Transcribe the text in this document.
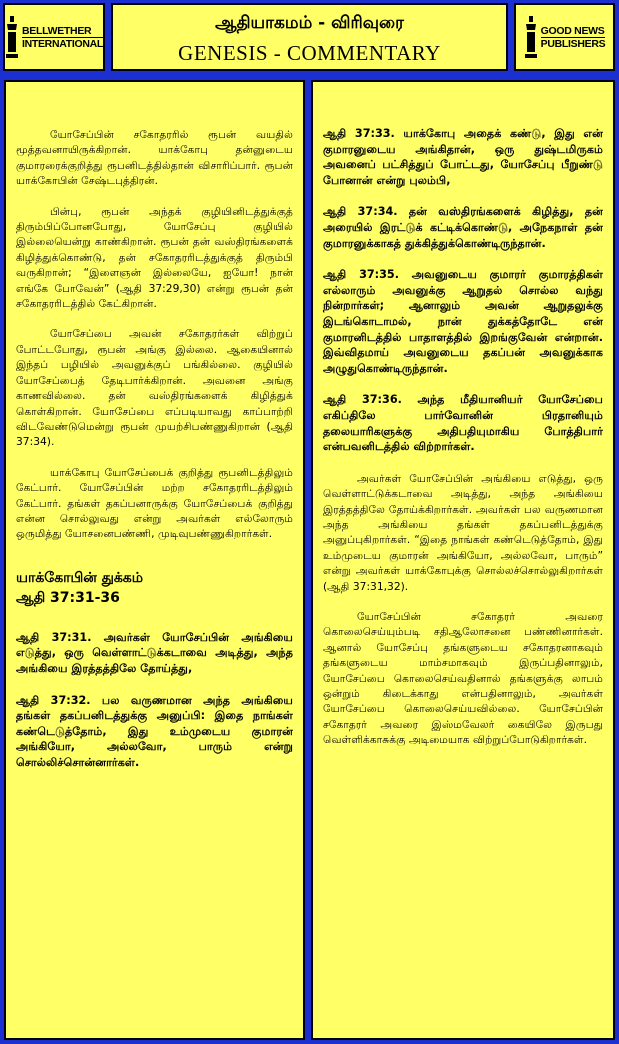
BELLWETHER
INTERNATIONAL
ஆதியாகமம் - விரிவுரை
GENESIS - COMMENTARY
GOOD NEWS
PUBLISHERS

யோசேப்பின் சகோதரரில் ரூபன் வயதில் மூத்தவனாயிருக்கிறான். யாக்கோபு தன்னுடைய குமாரரைக்குறித்து ரூபனிடத்தில்தான் விசாரிப்பார். ரூபன் யாக்கோபின் சேஷ்டபுத்திரன்.

பின்பு, ரூபன் அந்தக் குழியினிடத்துக்குத் திரும்பிப்போனபோது, யோசேப்பு குழியில் இல்லையென்று காண்கிறான். ரூபன் தன் வஸ்திரங்களைக் கிழித்துக்கொண்டு, தன் சகோதரரிடத்துக்குத் திரும்பி வருகிறான்; “இளைஞன் இல்லையே, ஐயோ! நான் எங்கே போவேன்” (ஆதி 37:29,30) என்று ரூபன் தன் சகோதரரிடத்தில் கேட்கிறான்.

யோசேப்பை அவன் சகோதரர்கள் விற்றுப் போட்டபோது, ரூபன் அங்கு இல்லை. ஆகையினால் இந்தப் பழியில் அவனுக்குப் பங்கில்லை. குழியில் யோசேப்பைத் தேடிபார்க்கிறான். அவனை அங்கு காணவில்லை. தன் வஸ்திரங்களைக் கிழித்துக் கொள்கிறான். யோசேப்பை எப்படியாவது காப்பாற்றி விடவேண்டுமென்று ரூபன் முயற்சிபண்ணுகிறான் (ஆதி 37:34).

யாக்கோபு யோசேப்பைக் குறித்து ரூபனிடத்திலும் கேட்பார். யோசேப்பின் மற்ற சகோதரரிடத்திலும் கேட்பார். தங்கள் தகப்பனாருக்கு யோசேப்பைக் குறித்து என்ன சொல்லுவது என்று அவர்கள் எல்லோரும் ஒருமித்து யோசனைபண்ணி, முடிவுபண்ணுகிறார்கள்.

யாக்கோபின் துக்கம்
ஆதி 37:31-36

ஆதி 37:31. அவர்கள் யோசேப்பின் அங்கியை எடுத்து, ஒரு வெள்ளாட்டுக்கடாவை அடித்து, அந்த அங்கியை இரத்தத்திலே தோய்த்து,

ஆதி 37:32. பல வருணமான அந்த அங்கியை தங்கள் தகப்பனிடத்துக்கு அனுப்பி: இதை நாங்கள் கண்டெடுத்தோம், இது உம்முடைய குமாரன் அங்கியோ, அல்லவோ, பாரும் என்று சொல்லிச்சொன்னார்கள்.

ஆதி 37:33. யாக்கோபு அதைக் கண்டு, இது என் குமாரனுடைய அங்கிதான், ஒரு துஷ்டமிருகம் அவனைப் பட்சித்துப் போட்டது, யோசேப்பு பீறுண்டு போனான் என்று புலம்பி,

ஆதி 37:34. தன் வஸ்திரங்களைக் கிழித்து, தன் அரையில் இரட்டுக் கட்டிக்கொண்டு, அநேகநாள் தன் குமாரனுக்காகத் துக்கித்துக்கொண்டிருந்தான்.

ஆதி 37:35. அவனுடைய குமாரர் குமாரத்திகள் எல்லாரும் அவனுக்கு ஆறுதல் சொல்ல வந்து நின்றார்கள்; ஆனாலும் அவன் ஆறுதலுக்கு இடங்கொடாமல், நான் துக்கத்தோடே என் குமாரனிடத்தில் பாதாளத்தில் இறங்குவேன் என்றான். இவ்விதமாய் அவனுடைய தகப்பன் அவனுக்காக அழுதுகொண்டிருந்தான்.

ஆதி 37:36. அந்த மீதியானியர் யோசேப்பை எகிப்திலே பார்வோனின் பிரதானியும் தலையாரிகளுக்கு அதிபதியுமாகிய போத்திபார் என்பவனிடத்தில் விற்றார்கள்.

அவர்கள் யோசேப்பின் அங்கியை எடுத்து, ஒரு வெள்ளாட்டுக்கடாவை அடித்து, அந்த அங்கியை இரத்தத்திலே தோய்க்கிறார்கள். அவர்கள் பல வருணமான அந்த அங்கியை தங்கள் தகப்பனிடத்துக்கு அனுப்புகிறார்கள். “இதை நாங்கள் கண்டெடுத்தோம், இது உம்முடைய குமாரன் அங்கியோ, அல்லவோ, பாரும்” என்று அவர்கள் யாக்கோபுக்கு சொல்லச்சொல்லுகிறார்கள் (ஆதி 37:31,32).

யோசேப்பின் சகோதரர் அவரை கொலைசெய்யும்படி சதிஆலோசனை பண்ணினார்கள். ஆனால் யோசேப்பு தங்களுடைய சகோதரனாகவும் தங்களுடைய மாம்சமாகவும் இருப்பதினாலும், யோசேப்பை கொலைசெய்வதினால் தங்களுக்கு லாபம் ஒன்றும் கிடைக்காது என்பதினாலும், அவர்கள் யோசேப்பை கொலைசெய்யவில்லை. யோசேப்பின் சகோதரர் அவரை இஸ்மவேலர் கையிலே இருபது வெள்ளிக்காசுக்கு அடிமையாக விற்றுப்போடுகிறார்கள்.
